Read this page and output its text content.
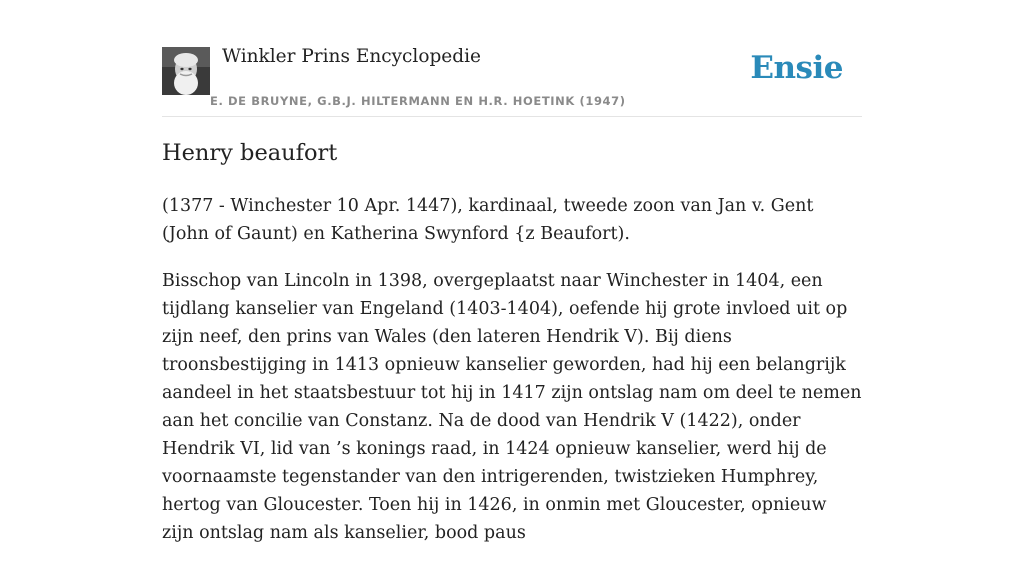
Winkler Prins Encyclopedie
E. DE BRUYNE, G.B.J. HILTERMANN EN H.R. HOETINK (1947)
Ensie
Henry beaufort

(1377 - Winchester 10 Apr. 1447), kardinaal, tweede zoon van Jan v. Gent (John of Gaunt) en Katherina Swynford {z Beaufort).

Bisschop van Lincoln in 1398, overgeplaatst naar Winchester in 1404, een tijdlang kanselier van Engeland (1403-1404), oefende hij grote invloed uit op zijn neef, den prins van Wales (den lateren Hendrik V). Bij diens troonsbestijging in 1413 opnieuw kanselier geworden, had hij een belangrijk aandeel in het staatsbestuur tot hij in 1417 zijn ontslag nam om deel te nemen aan het concilie van Constanz. Na de dood van Hendrik V (1422), onder Hendrik VI, lid van ’s konings raad, in 1424 opnieuw kanselier, werd hij de voornaamste tegenstander van den intrigerenden, twistzieken Humphrey, hertog van Gloucester. Toen hij in 1426, in onmin met Gloucester, opnieuw zijn ontslag nam als kanselier, bood paus
